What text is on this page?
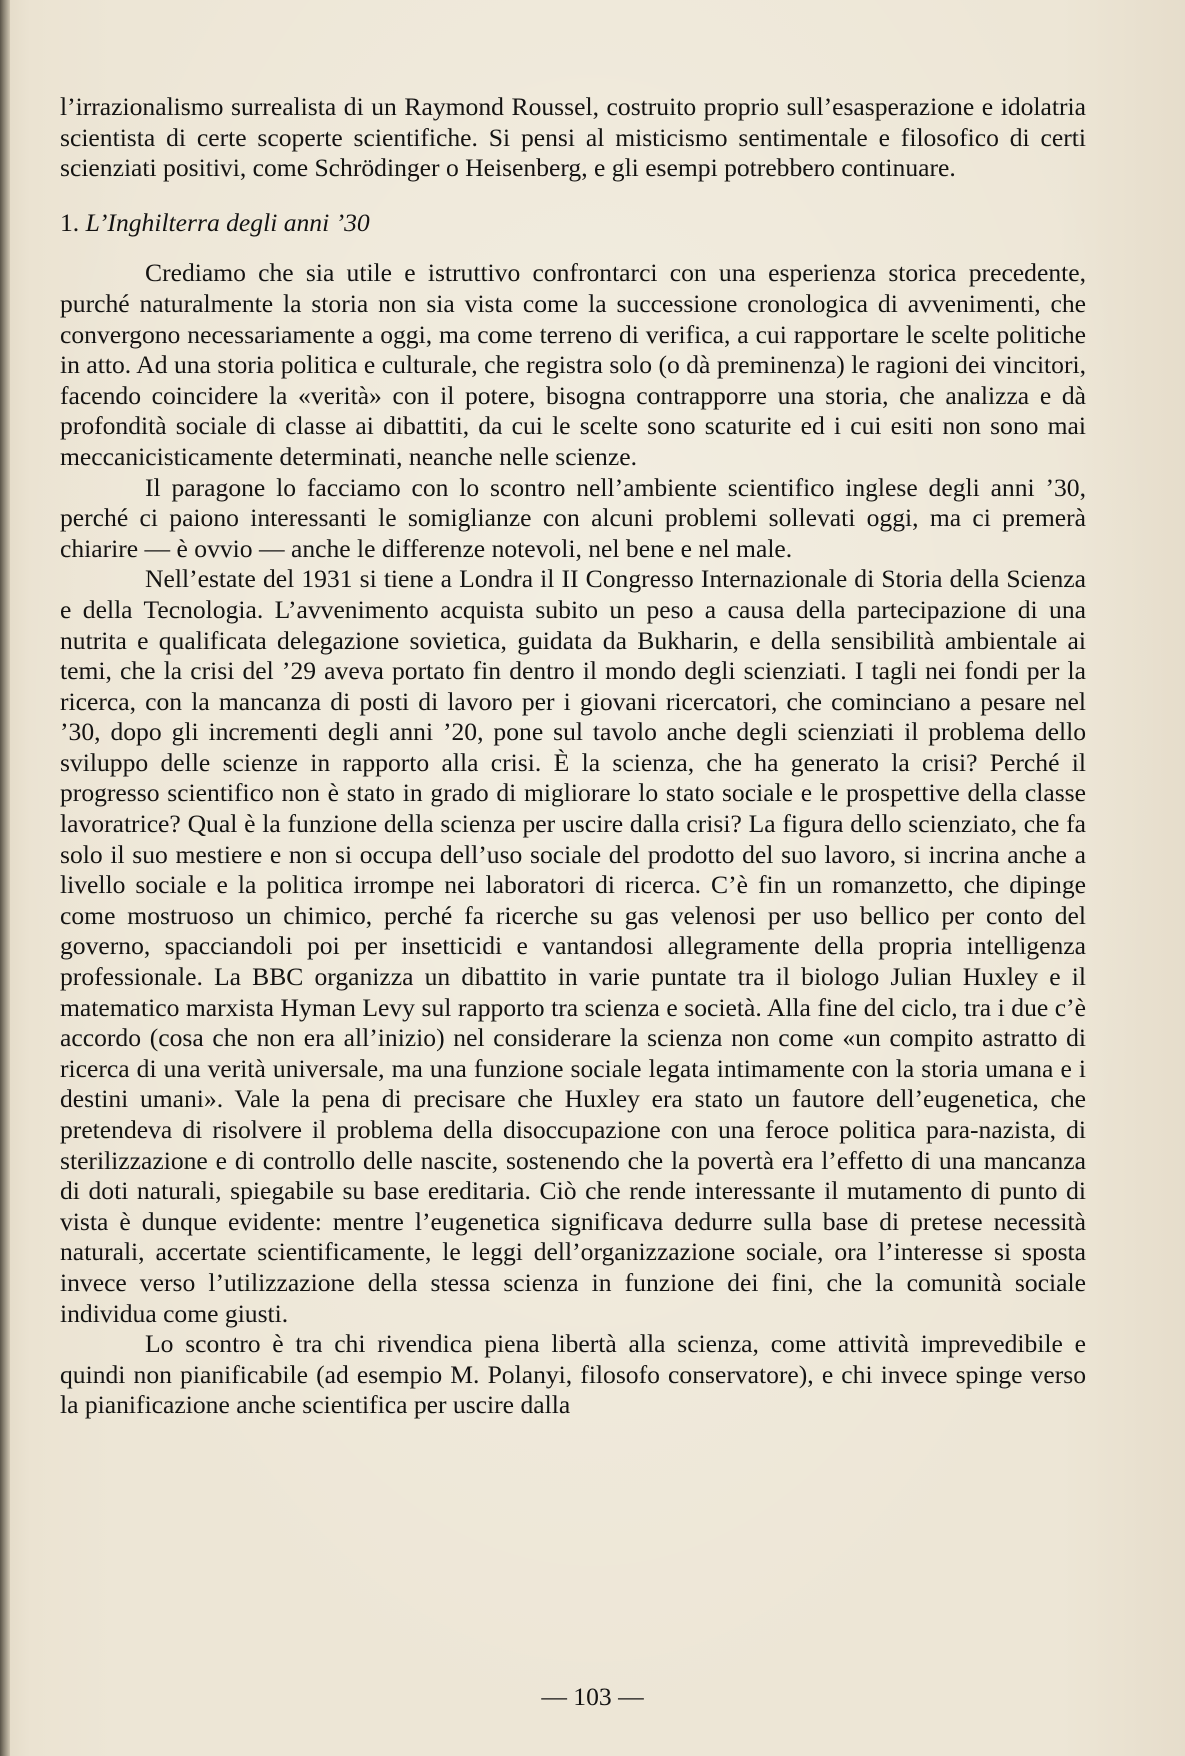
l’irrazionalismo surrealista di un Raymond Roussel, costruito proprio sull’esasperazione e idolatria scientista di certe scoperte scientifiche. Si pensi al misticismo sentimentale e filosofico di certi scienziati positivi, come Schrödinger o Heisenberg, e gli esempi potrebbero continuare.

1. L’Inghilterra degli anni ’30

Crediamo che sia utile e istruttivo confrontarci con una esperienza storica precedente, purché naturalmente la storia non sia vista come la successione cronologica di avvenimenti, che convergono necessariamente a oggi, ma come terreno di verifica, a cui rapportare le scelte politiche in atto. Ad una storia politica e culturale, che registra solo (o dà preminenza) le ragioni dei vincitori, facendo coincidere la «verità» con il potere, bisogna contrapporre una storia, che analizza e dà profondità sociale di classe ai dibattiti, da cui le scelte sono scaturite ed i cui esiti non sono mai meccanicisticamente determinati, neanche nelle scienze.

Il paragone lo facciamo con lo scontro nell’ambiente scientifico inglese degli anni ’30, perché ci paiono interessanti le somiglianze con alcuni problemi sollevati oggi, ma ci premerà chiarire — è ovvio — anche le differenze notevoli, nel bene e nel male.

Nell’estate del 1931 si tiene a Londra il II Congresso Internazionale di Storia della Scienza e della Tecnologia. L’avvenimento acquista subito un peso a causa della partecipazione di una nutrita e qualificata delegazione sovietica, guidata da Bukharin, e della sensibilità ambientale ai temi, che la crisi del ’29 aveva portato fin dentro il mondo degli scienziati. I tagli nei fondi per la ricerca, con la mancanza di posti di lavoro per i giovani ricercatori, che cominciano a pesare nel ’30, dopo gli incrementi degli anni ’20, pone sul tavolo anche degli scienziati il problema dello sviluppo delle scienze in rapporto alla crisi. È la scienza, che ha generato la crisi? Perché il progresso scientifico non è stato in grado di migliorare lo stato sociale e le prospettive della classe lavoratrice? Qual è la funzione della scienza per uscire dalla crisi? La figura dello scienziato, che fa solo il suo mestiere e non si occupa dell’uso sociale del prodotto del suo lavoro, si incrina anche a livello sociale e la politica irrompe nei laboratori di ricerca. C’è fin un romanzetto, che dipinge come mostruoso un chimico, perché fa ricerche su gas velenosi per uso bellico per conto del governo, spacciandoli poi per insetticidi e vantandosi allegramente della propria intelligenza professionale. La BBC organizza un dibattito in varie puntate tra il biologo Julian Huxley e il matematico marxista Hyman Levy sul rapporto tra scienza e società. Alla fine del ciclo, tra i due c’è accordo (cosa che non era all’inizio) nel considerare la scienza non come «un compito astratto di ricerca di una verità universale, ma una funzione sociale legata intimamente con la storia umana e i destini umani». Vale la pena di precisare che Huxley era stato un fautore dell’eugenetica, che pretendeva di risolvere il problema della disoccupazione con una feroce politica para-nazista, di sterilizzazione e di controllo delle nascite, sostenendo che la povertà era l’effetto di una mancanza di doti naturali, spiegabile su base ereditaria. Ciò che rende interessante il mutamento di punto di vista è dunque evidente: mentre l’eugenetica significava dedurre sulla base di pretese necessità naturali, accertate scientificamente, le leggi dell’organizzazione sociale, ora l’interesse si sposta invece verso l’utilizzazione della stessa scienza in funzione dei fini, che la comunità sociale individua come giusti.

Lo scontro è tra chi rivendica piena libertà alla scienza, come attività imprevedibile e quindi non pianificabile (ad esempio M. Polanyi, filosofo conservatore), e chi invece spinge verso la pianificazione anche scientifica per uscire dalla

— 103 —
